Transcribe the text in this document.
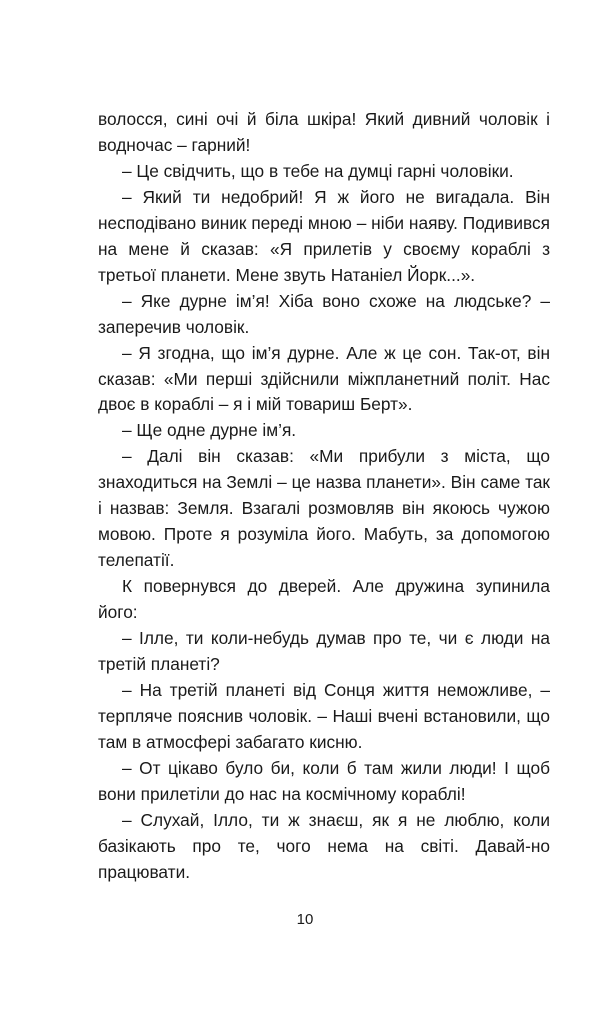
волосся, сині очі й біла шкіра! Який дивний чоловік і водночас – гарний!

– Це свідчить, що в тебе на думці гарні чоловіки.

– Який ти недобрий! Я ж його не вигадала. Він несподівано виник переді мною – ніби наяву. Подивився на мене й сказав: «Я прилетів у своєму кораблі з третьої планети. Мене звуть Натаніел Йорк...».

– Яке дурне ім’я! Хіба воно схоже на людське? – заперечив чоловік.

– Я згодна, що ім’я дурне. Але ж це сон. Так-от, він сказав: «Ми перші здійснили міжпланетний політ. Нас двоє в кораблі – я і мій товариш Берт».

– Ще одне дурне ім’я.

– Далі він сказав: «Ми прибули з міста, що знаходиться на Землі – це назва планети». Він саме так і назвав: Земля. Взагалі розмовляв він якоюсь чужою мовою. Проте я розуміла його. Мабуть, за допомогою телепатії.

К повернувся до дверей. Але дружина зупинила його:

– Ілле, ти коли-небудь думав про те, чи є люди на третій планеті?

– На третій планеті від Сонця життя неможливе, – терпляче пояснив чоловік. – Наші вчені встановили, що там в атмосфері забагато кисню.

– От цікаво було би, коли б там жили люди! І щоб вони прилетіли до нас на космічному кораблі!

– Слухай, Ілло, ти ж знаєш, як я не люблю, коли базікають про те, чого нема на світі. Давай-но працювати.

10
